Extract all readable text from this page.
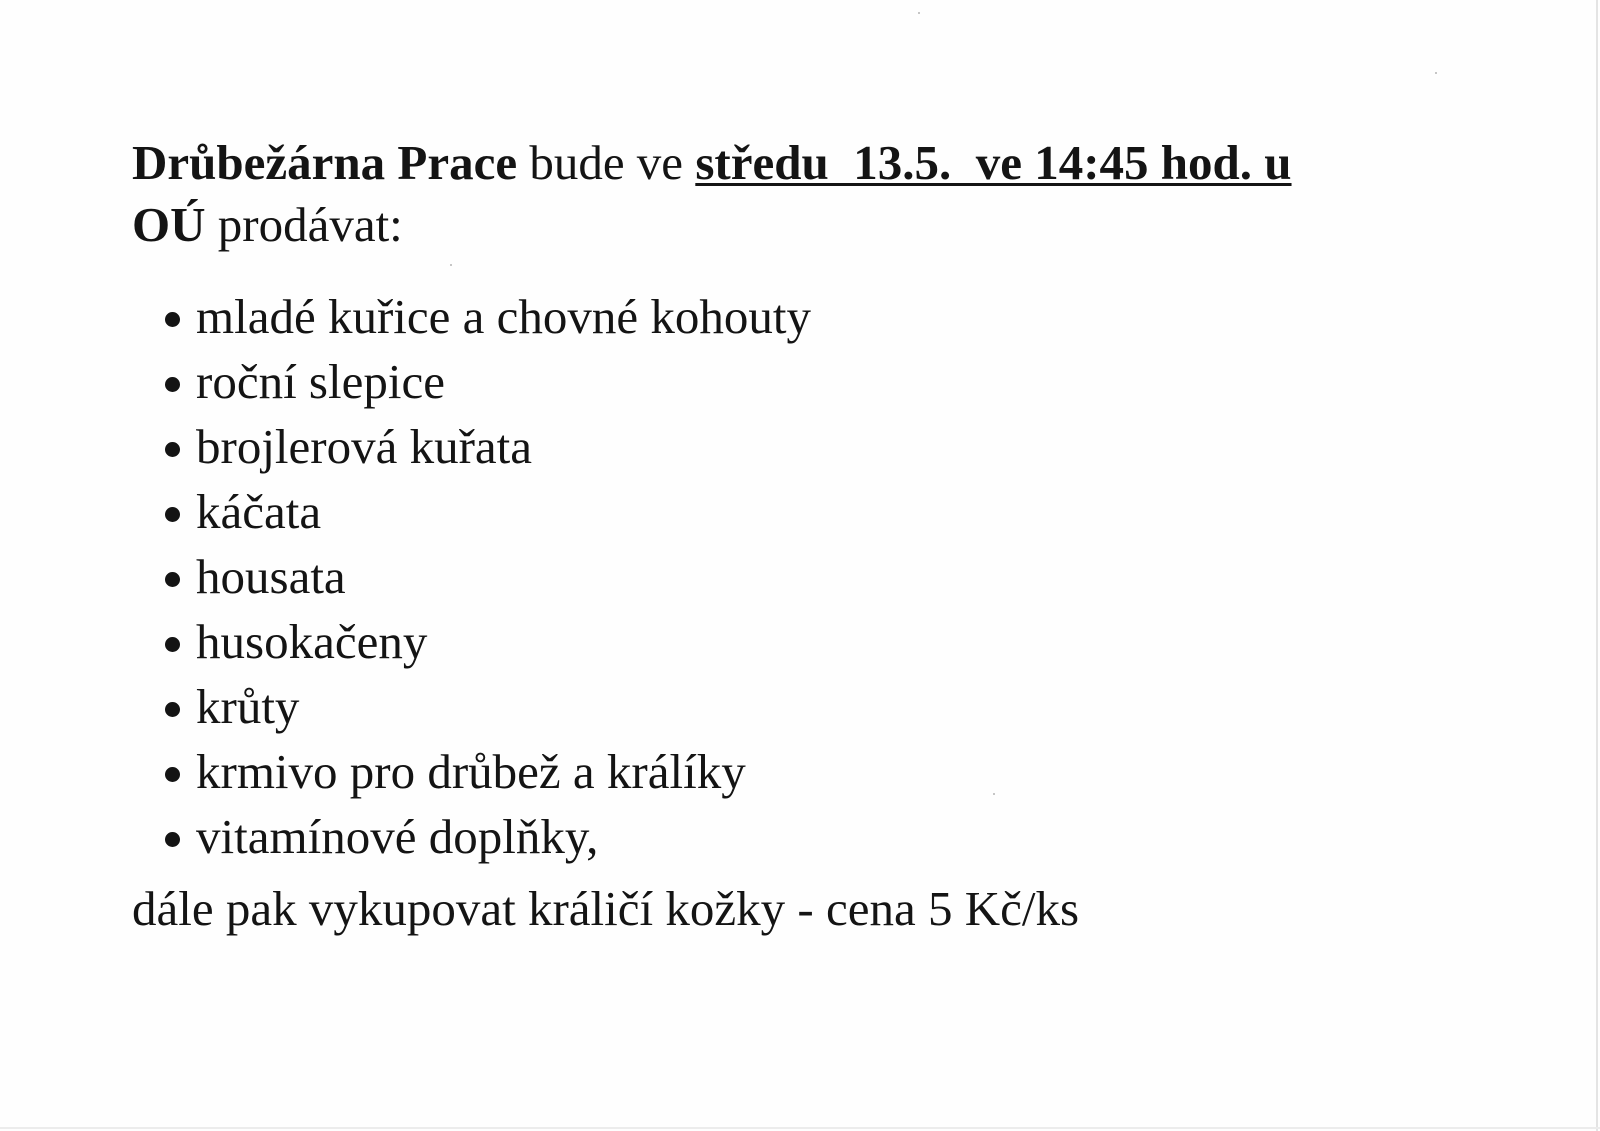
Drůbežárna Prace bude ve středu  13.5.  ve 14:45 hod. u
OÚ prodávat:

mladé kuřice a chovné kohouty
roční slepice
brojlerová kuřata
káčata
housata
husokačeny
krůty
krmivo pro drůbež a králíky
vitamínové doplňky,

dále pak vykupovat králičí kožky - cena 5 Kč/ks
